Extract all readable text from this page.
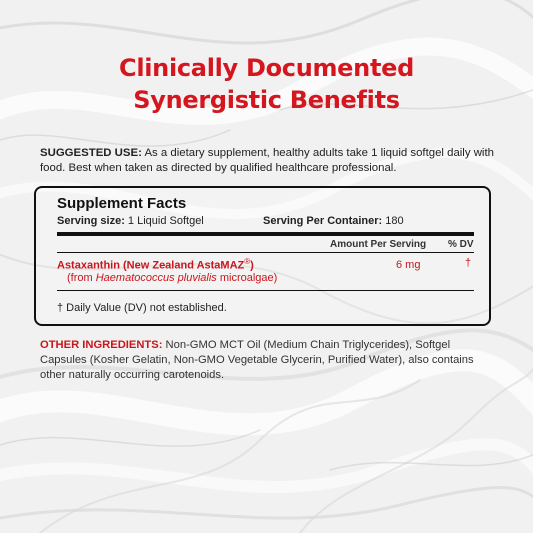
Clinically Documented
Synergistic Benefits
SUGGESTED USE: As a dietary supplement, healthy adults take 1 liquid softgel daily with food. Best when taken as directed by qualified healthcare professional.
Supplement Facts
Serving size: 1 Liquid Softgel	Serving Per Container: 180
Amount Per Serving % DV
Astaxanthin (New Zealand AstaMAZ®)
(from Haematococcus pluvialis microalgae)
6 mg	†
† Daily Value (DV) not established.
OTHER INGREDIENTS: Non-GMO MCT Oil (Medium Chain Triglycerides), Softgel Capsules (Kosher Gelatin, Non-GMO Vegetable Glycerin, Purified Water), also contains other naturally occurring carotenoids.
